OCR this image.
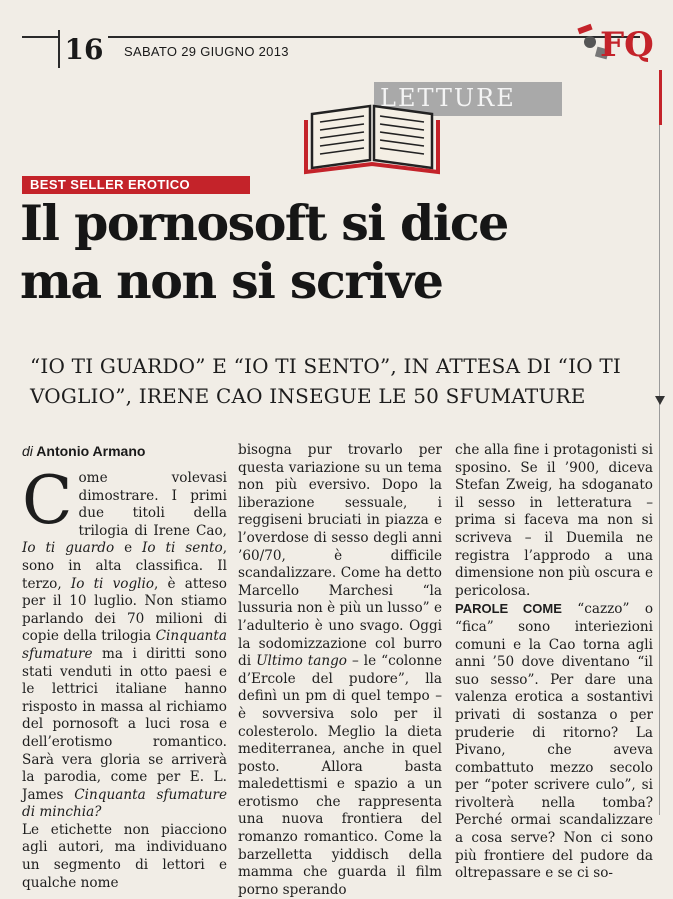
16	SABATO 29 GIUGNO 2013	FQ
LETTURE
BEST SELLER EROTICO
Il pornosoft si dice
ma non si scrive
“IO TI GUARDO” E “IO TI SENTO”, IN ATTESA DI “IO TI
VOGLIO”, IRENE CAO INSEGUE LE 50 SFUMATURE
di Antonio Armano

Come volevasi dimostrare. I primi due titoli della trilogia di Irene Cao, Io ti guardo e Io ti sento, sono in alta classifica. Il terzo, Io ti voglio, è atteso per il 10 luglio. Non stiamo parlando dei 70 milioni di copie della trilogia Cinquanta sfumature ma i diritti sono stati venduti in otto paesi e le lettrici italiane hanno risposto in massa al richiamo del pornosoft a luci rosa e dell’erotismo romantico. Sarà vera gloria se arriverà la parodia, come per E. L. James Cinquanta sfumature di minchia?

Le etichette non piacciono agli autori, ma individuano un segmento di lettori e qualche nome

bisogna pur trovarlo per questa variazione su un tema non più eversivo. Dopo la liberazione sessuale, i reggiseni bruciati in piazza e l’overdose di sesso degli anni ’60/70, è difficile scandalizzare. Come ha detto Marcello Marchesi “la lussuria non è più un lusso” e l’adulterio è uno svago. Oggi la sodomizzazione col burro di Ultimo tango – le “colonne d’Ercole del pudore”, lla definì un pm di quel tempo – è sovversiva solo per il colesterolo. Meglio la dieta mediterranea, anche in quel posto. Allora basta maledettismi e spazio a un erotismo che rappresenta una nuova frontiera del romanzo romantico. Come la barzelletta yiddisch della mamma che guarda il film porno sperando

che alla fine i protagonisti si sposino. Se il ’900, diceva Stefan Zweig, ha sdoganato il sesso in letteratura – prima si faceva ma non si scriveva – il Duemila ne registra l’approdo a una dimensione non più oscura e pericolosa.

PAROLE COME “cazzo” o “fica” sono interiezioni comuni e la Cao torna agli anni ’50 dove diventano “il suo sesso”. Per dare una valenza erotica a sostantivi privati di sostanza o per pruderie di ritorno? La Pivano, che aveva combattuto mezzo secolo per “poter scrivere culo”, si rivolterà nella tomba? Perché ormai scandalizzare a cosa serve? Non ci sono più frontiere del pudore da oltrepassare e se ci so-
